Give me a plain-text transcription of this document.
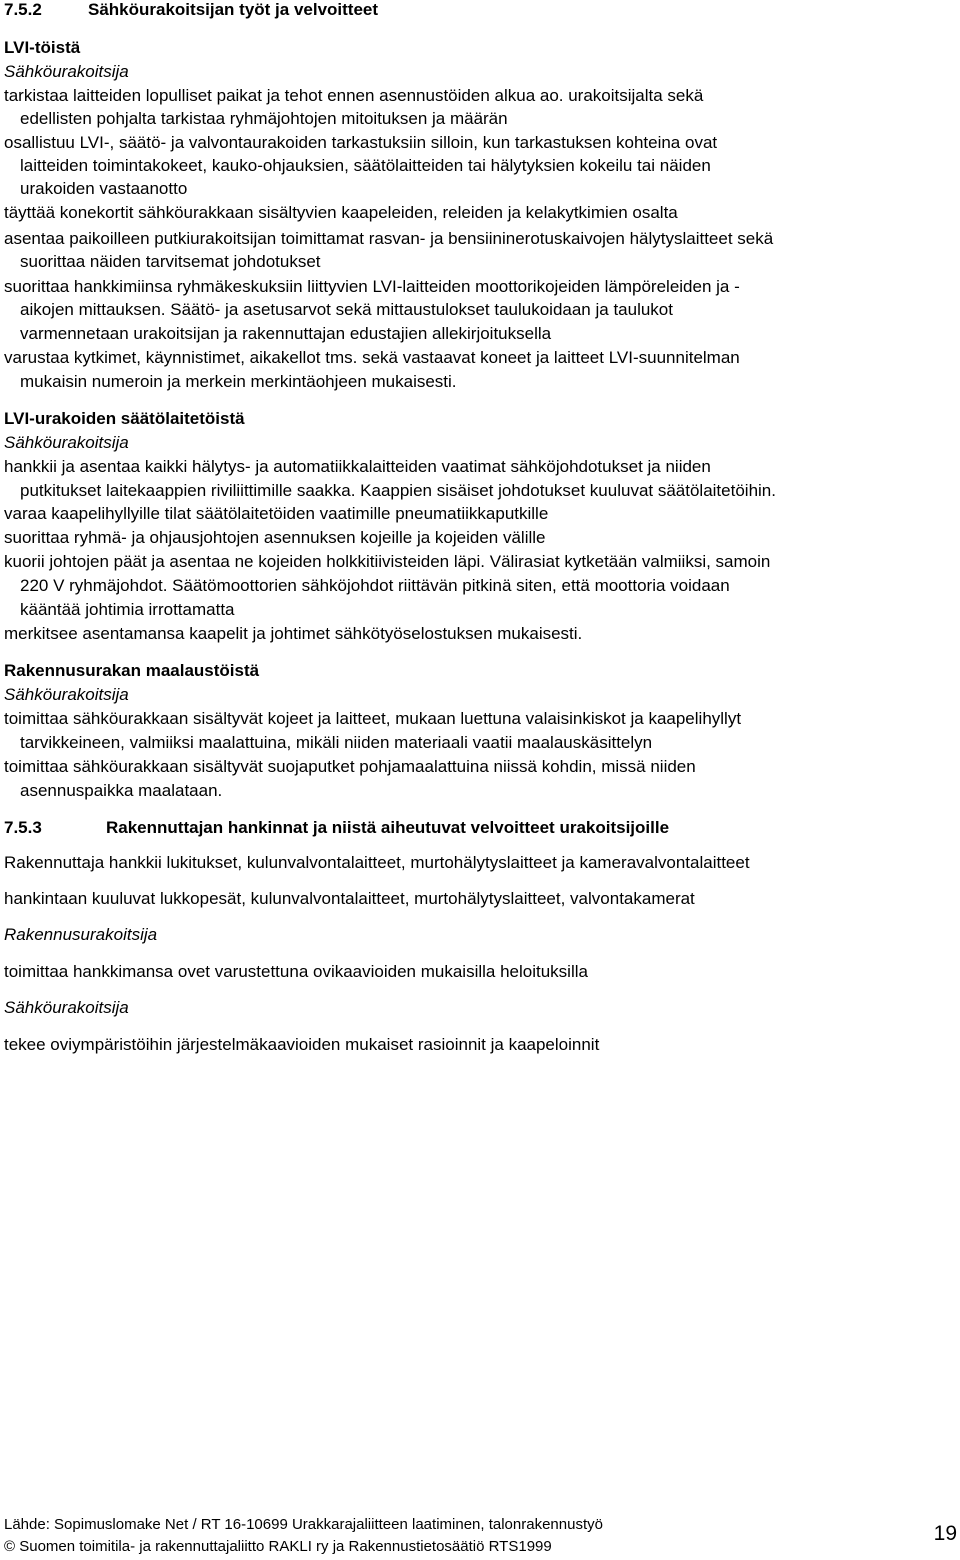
7.5.2	Sähköurakoitsijan työt ja velvoitteet
LVI-töistä
Sähköurakoitsija
tarkistaa laitteiden lopulliset paikat ja tehot ennen asennustöiden alkua ao. urakoitsijalta sekä
edellisten pohjalta tarkistaa ryhmäjohtojen mitoituksen ja määrän
osallistuu LVI-, säätö- ja valvontaurakoiden tarkastuksiin silloin, kun tarkastuksen kohteina ovat
laitteiden toimintakokeet, kauko-ohjauksien, säätölaitteiden tai hälytyksien kokeilu tai näiden
urakoiden vastaanotto
täyttää konekortit sähköurakkaan sisältyvien kaapeleiden, releiden ja kelakytkimien osalta
asentaa paikoilleen putkiurakoitsijan toimittamat rasvan- ja bensiininerotuskaivojen hälytyslaitteet sekä
suorittaa näiden tarvitsemat johdotukset
suorittaa hankkimiinsa ryhmäkeskuksiin liittyvien LVI-laitteiden moottorikojeiden lämpöreleiden ja -
aikojen mittauksen. Säätö- ja asetusarvot sekä mittaustulokset taulukoidaan ja taulukot
varmennetaan urakoitsijan ja rakennuttajan edustajien allekirjoituksella
varustaa kytkimet, käynnistimet, aikakellot tms. sekä vastaavat koneet ja laitteet LVI-suunnitelman
mukaisin numeroin ja merkein merkintäohjeen mukaisesti.
LVI-urakoiden säätölaitetöistä
Sähköurakoitsija
hankkii ja asentaa kaikki hälytys- ja automatiikkalaitteiden vaatimat sähköjohdotukset ja niiden
putkitukset laitekaappien riviliittimille saakka. Kaappien sisäiset johdotukset kuuluvat säätölaitetöihin.
varaa kaapelihyllyille tilat säätölaitetöiden vaatimille pneumatiikkaputkille
suorittaa ryhmä- ja ohjausjohtojen asennuksen kojeille ja kojeiden välille
kuorii johtojen päät ja asentaa ne kojeiden holkkitiivisteiden läpi. Välirasiat kytketään valmiiksi, samoin
220 V ryhmäjohdot. Säätömoottorien sähköjohdot riittävän pitkinä siten, että moottoria voidaan
kääntää johtimia irrottamatta
merkitsee asentamansa kaapelit ja johtimet sähkötyöselostuksen mukaisesti.
Rakennusurakan maalaustöistä
Sähköurakoitsija
toimittaa sähköurakkaan sisältyvät kojeet ja laitteet, mukaan luettuna valaisinkiskot ja kaapelihyllyt
tarvikkeineen, valmiiksi maalattuina, mikäli niiden materiaali vaatii maalauskäsittelyn
toimittaa sähköurakkaan sisältyvät suojaputket pohjamaalattuina niissä kohdin, missä niiden
asennuspaikka maalataan.
7.5.3	Rakennuttajan hankinnat ja niistä aiheutuvat velvoitteet urakoitsijoille
Rakennuttaja hankkii lukitukset, kulunvalvontalaitteet, murtohälytyslaitteet ja kameravalvontalaitteet
hankintaan kuuluvat lukkopesät, kulunvalvontalaitteet, murtohälytyslaitteet, valvontakamerat
Rakennusurakoitsija
toimittaa hankkimansa ovet varustettuna ovikaavioiden mukaisilla heloituksilla
Sähköurakoitsija
tekee oviympäristöihin järjestelmäkaavioiden mukaiset rasioinnit ja kaapeloinnit
Lähde: Sopimuslomake Net / RT 16-10699 Urakkarajaliitteen laatiminen, talonrakennustyö
© Suomen toimitila- ja rakennuttajaliitto RAKLI ry ja Rakennustietosäätiö RTS1999
19
